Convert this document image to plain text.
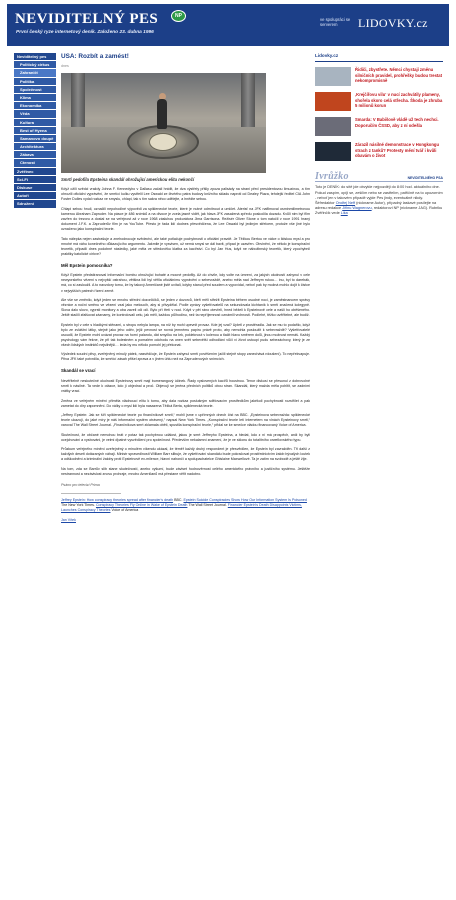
NEVIDITELNÝ PES	NP
První český ryze internetový deník. Založeno 23. dubna 1996
ve spolupráci se serverem	LIDOVKY.cz
Neviditelný pes
Politický cirkus
Zahraničí
Politika
Společnost
Klima
Ekonomika
Věda
Kultura
Best of Hyena
Samanovo doupě
Architektura
Zábava
Ctenost
Zvěřinec
Sci-Fi
Diskuse
Autoři
Sdružení
USA: Rozbít a zamést!
dnes
Smrtí pedofila Epsteina skandál ohrožující americkou elitu nekončí

Když ožilí svědci vraždy Johna F. Kennedyho v Dallasu začali hnidit, že dva výstřely přišly zpoza palisády na strani před presidentovou limuzínou, a tím ohrozili oficiální vyprávění, že smrtící kulku vystřelil Lee Oswald ze čtvrtého patra budovy knižního skladu naproti od Dealey Plaza, tehdejší ředitel CIA John Foster Dulles vydal rozkaz ve smyslu, chlapi, tak s tím sakra něco udělejte, a hnědte sebou.

Chlapi sebou hnuli, označili nepohodlné výpovědi za spiklenecké teorie, které je nutné odmítnout a umlčet. Aterisť na JFK nafilmoval osminmilimetrovou kamerou Abraham Zapruder. Na pásce je 486 snímků a na divoce je zcela jasně vidět, jak hlava JFK zasažená zpředu poskočila dozadu. Kvůli nim byl film zavřen do trezoru a dostal se na veřejnost až v roce 1968 zásluhou prokurátora Jima Garrisona. Režisér Oliver Stone o tom natočil v roce 1991 hraný dokument J.F.K. a Zapruderův film je na YouTube. Přesto je řada lidí dodnes přesvědčena, že Lee Oswald byl jediným střelcem, protože vše jiné bylo označeno jako konspirační teorie.

Tato nálepka nejen zastrašuje a znehodnocuje svědectví, ale také potlačuje pochybnosti o oficiální pravdě. Je Těžkou Bertou ve válce o lidskou mysl a pro mnohé má váhu konečného důkazujícího argumentu. Jakmile je vysvisen, už nemá smysl se dál bavit, případ je uzavřen. Obvinění, že někdo je konspirační teoretik, připadlí dnes podobné následky, jaké měla ve středověku klatba za kacířství. Co byl Jan Hus, když ne nábožbnský teoretik, který zpochybnil praktiky katolické církve?

Měl Epstein pomocníka?

Když Epstein předstiranoval informační bombu ohrožující bohaté a mocné pedofily. Až do chvíle, kdy volte na úmrení, za jakých okolností zahynul v cele newyorského vězení s nejvyšší ostrahou, většina lidí byl věřila oficiálnímu vyprávění o sebevraždě, anebo měla nad Jeffreym rukou… inu, byl to darebák, má, co si zasloužil. A to navzdory tomu, že by takový Američané jistě uvítali, kdyby stanul před soudem a vypovídal, neboť pak by možná mohlo dojít k čistce v nejvyšších patrech řízení země.

Ale vše se změnilo, když jeden se mnohu střední dozorčičků, se jeden z dozorců, kteří měli střežit Epsteina během osudné noci, je zaměstnancem správy věznice a noční směnu ve vězení vzal jako meloucih, aby si přivydělal. Podle zprávy vyšetřovatelů na sekundovala kichtaník k smrti značená kolegyně. Slova dalo slovo, vyprsti monitory a oba zaveli oči oči. Bylo pří třetí v noci. Když v pět ráno otevřeli, hned běželi k Epsteinově cele a našli ho oběšeného. Ještě stačili zfalšovat záznamy, že kontrolovali celu, jak měli, každou půlhodinu, než ta nepříjemnost oznámili vrchnosti. Podlehé, těžko uvěřitelné, ale budiž.

Epstein byl v cele s hladkými stěnami, u stropu nebyla lampa, na níž by mohl upevnit provaz. Kde jej vzal? Upletl z prostěradla. Jak se mu to podařilo, když bylo ze zvláštní látky, stejně jako jeho oděv, jejíž pevnost se rovná jemnému papíru právě proto, aby nemohla posloužit k sebevraždě? Vyšetřovatelé usoudil, že Epstein mohl uvázat provaz na horní palandu, dát smyčku na krk, pokleknout v kolenou a tlačit hlavu směrem dolů, jinou možnost nemáš. Každý psychology vám řekne, že při tak bolestném a pomalém odchodu na onen svět sebevětší odhodlání vůči ví život ustoupí pudu sebezáchovy, který je ze všech lidských instinktů nejsilnější… leda by mu někdo pomohl jej překonat.

Výsledek soudní pitvy, zveřejněný minulý pátek, nasvědčuje, že Epstein zahynul smrtí pověšením (ačili stejně stopy zanechává rdoušení). To nepřekvapuje. Pitva JFK také potvrdila, že smrtící zásah přišel zprava a v jiném úhlu než na Zapruderových snímcích.

Skandál se vrací

Nevěřitelně neskutečné okolnosti Epsteinovy smrti mají bumerangový účinek. Řady vyslovených kacířů houstnou. Tenor diskusí se přesunul z dobrovolné smrti k násilné. Ta vede k otázce, kdo jí objednal a proč. Objevují se jména předních politiků obou stran. Skandál, který mažda měla pohltit, se zadními vrátky vrací.

Změna ve veřejném mínění přiměla vládnoucí elitu k tomu, aby dala rozkaz poslušným sdělovacím prostředkům jakékoli pochybnosti rozstřílet a pak zametat do díry zapomnění. Do války o mysl lidí byla nasazena Těžká Berta, spiklenecká teorie.

„Jeffrey Epstein: Jak se šíří spiklenecké teorie po finančníkově smrti,“ mohli jsme v upřímných dnech číst na BBC. „Epsteinova sebevražda: spiklenecké teorie ukazují, do jaké míry je náš informační systém otrávený,“ napsal New York Times. „Konspirační teorie letí internetem na vlnách Epsteinovy smrti,“ varoval The Wall Street Journal. „Finančníkova smrt zklamala oběti, spustila konspirační teorie,“ přidal se ke smečce vládou financovaný Voice of America.

Skutečnost, že občané nemohou brát v potaz tak pochybnou událost, jakou je smrt Jeffreyho Epsteina, a hledat, kdo z ní má prospěch, aniž by byli ocejchování a vysbováni, je velmi ďpatné vysvědčení pro společnost. Především nekalamní znamení, že je ve sklonu do totalitního orwellovského typu.

Průzkum veřejného mínění uveřejněný o minulém víkendu ukázal, že téměř každý druhý respondent je přesvědčen, že Epstein byl zavražděn. Tři další z každých deseti dotázaných váhají. Ministr spravedlnosti William Barr slibuje, že vyšetřování skandálu bude pokračovat prostřednictvím žalob bývalých loutek a odškodnění a kriminální žaloby proti Epsteinově ex-milence, hlavní nahončí a spolupachatelce Ghislaine Maxwellové. Ta je zatím na svobodě a ještě žije.

Na tom, zda se Barrův slib stane skutečností, anebo vyšumí, bude záviset hodnověrnost celého amerického právního a justičního systému. Ještěže nestrannost a nezávislost znovu prohraje, mnoho Američanů má přestane věřit nadobro.

Psáno pro televizi Prima
Jeffrey Epstein: How conspiracy theories spread after financier's death BBC. Epstein Suicide Conspiracies Show How Our Information System Is Poisoned The New York Times. Conspiracy Theories Fly Online in Wake of Epstein Death The Wall Street Journal. Financier Epstein's Death Disappoints Victims, Launches Conspiracy Theories Voice of America
Jan Vítek
Lidovky.cz
Řidiči, zbystřete. Němci chystají změnu silničních pravidel, prohřešky budou trestat nekompromisně
‚Krejčířovu vilu‘ v nucí zachvátily plameny, shořela skoro celá střecha. Škoda je zhruba 5 milionů korun
Smarda: V Babišově vládě už tech nechci. Doporučím ČSSD, aby z ní odešla
Zárazil násilné demonstrace v Hongkongu strach z tanků? Protesty mění tvář i kvůli obavám o život
Ivrůžko	NEVIDITELNÉHO PSA
Toto je DENÍK: do sítě jde obvykle nejpozději do 8:00 hod. aktuálního dne. Pokud zaspím, opíji se, zešílím nebo se zastřelím, patříčně na to upozorním - neboť jen v takovém případě vyjde Pes jindy, eventuálně nikdy. Šéfredaktor Ondřej Neff (nickname Autor), případný laskavé posílejte na adresu redakce Jiřinu Wagnerovu, redaktorovi NP (nickname JAG). Rubriku Zvěřinčík vede Lika
